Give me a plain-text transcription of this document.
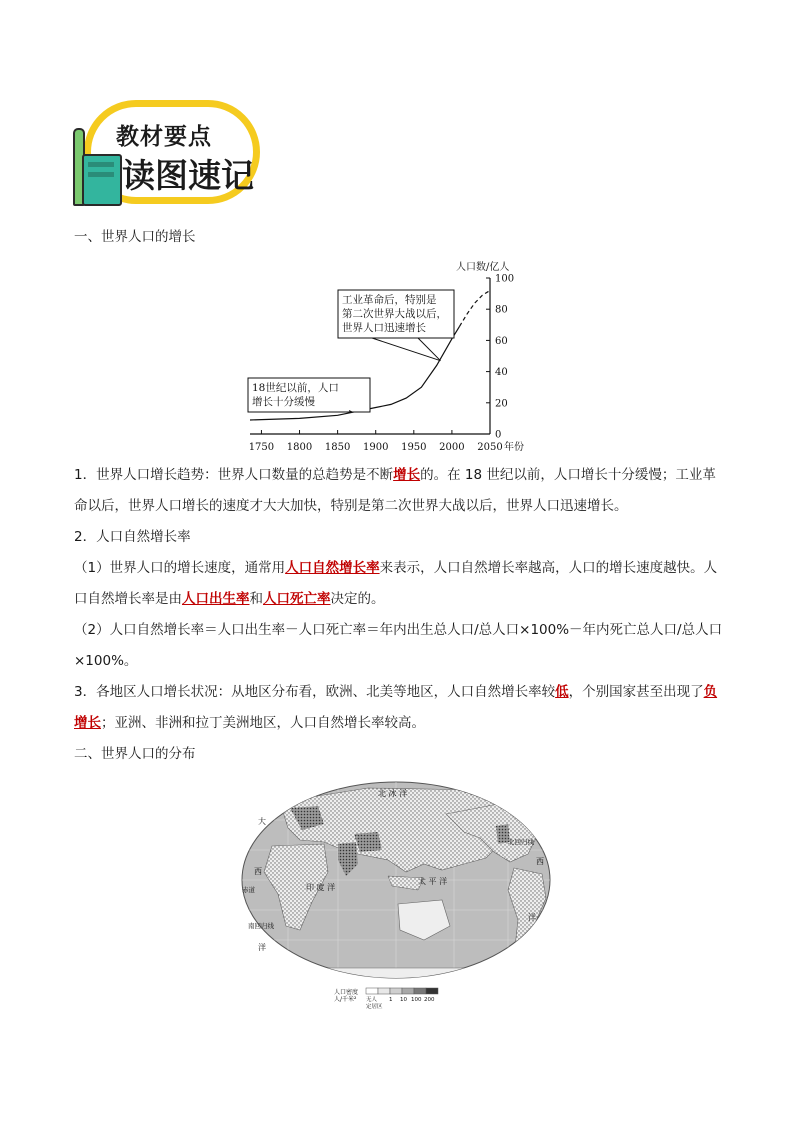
教材要点
读图速记
一、世界人口的增长
0
20
40
60
80
100
1750 1800 1850 1900 1950 2000 2050
人口数/亿人
年份
18世纪以前，人口
增长十分缓慢
工业革命后，特别是
第二次世界大战以后，
世界人口迅速增长
1．世界人口增长趋势：世界人口数量的总趋势是不断增长的。在 18 世纪以前，人口增长十分缓慢；工业革命以后，世界人口增长的速度才大大加快，特别是第二次世界大战以后，世界人口迅速增长。
2．人口自然增长率
（1）世界人口的增长速度，通常用人口自然增长率来表示，人口自然增长率越高，人口的增长速度越快。人口自然增长率是由人口出生率和人口死亡率决定的。
（2）人口自然增长率＝人口出生率－人口死亡率＝年内出生总人口/总人口×100%－年内死亡总人口/总人口×100%。
3．各地区人口增长状况：从地区分布看，欧洲、北美等地区，人口自然增长率较低，个别国家甚至出现了负增长；亚洲、非洲和拉丁美洲地区，人口自然增长率较高。
二、世界人口的分布
北 冰 洋
印 度 洋
太 平 洋
大
西
洋
赤道
南回归线
北回归线
西
洋
人口密度
人/千米² 无人
定居区
1 10 100 200
